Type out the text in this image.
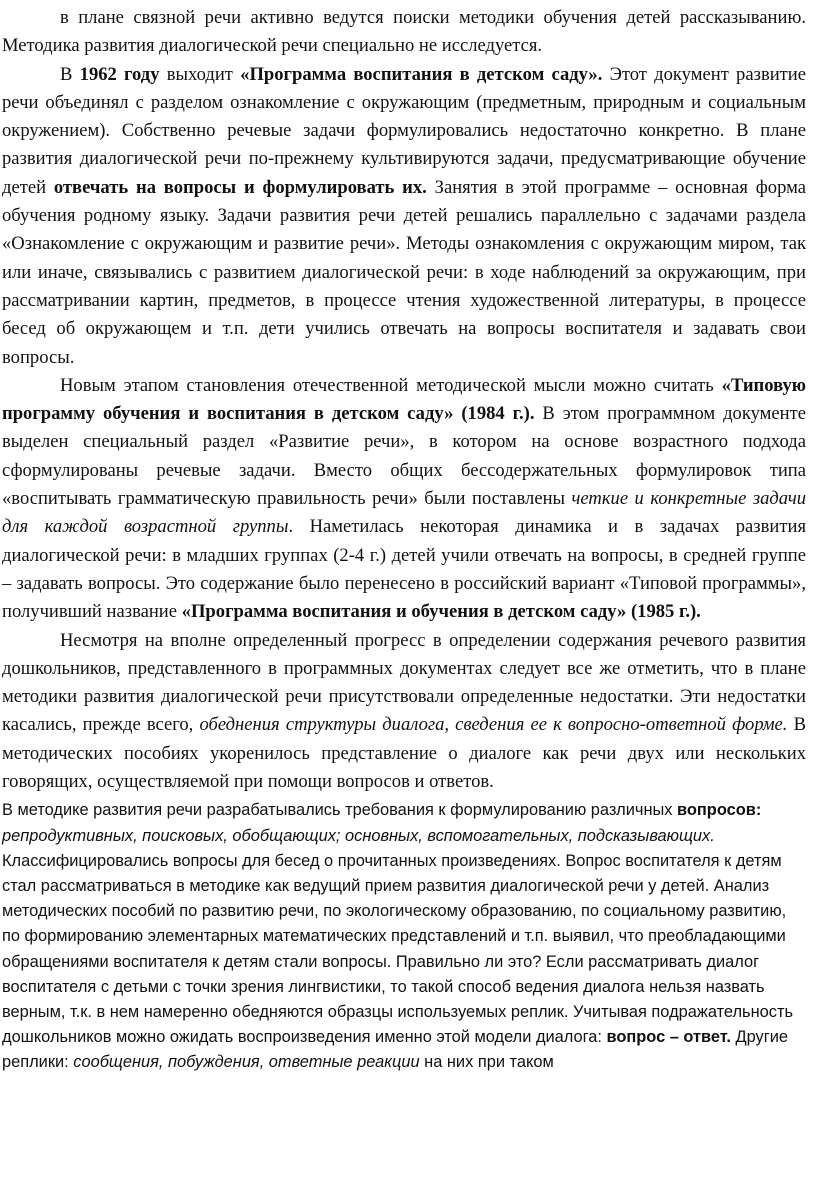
в плане связной речи активно ведутся поиски методики обучения детей рассказыванию. Методика развития диалогической речи специально не исследуется.

В 1962 году выходит «Программа воспитания в детском саду». Этот документ развитие речи объединял с разделом ознакомление с окружающим (предметным, природным и социальным окружением). Собственно речевые задачи формулировались недостаточно конкретно. В плане развития диалогической речи по-прежнему культивируются задачи, предусматривающие обучение детей отвечать на вопросы и формулировать их. Занятия в этой программе – основная форма обучения родному языку. Задачи развития речи детей решались параллельно с задачами раздела «Ознакомление с окружающим и развитие речи». Методы ознакомления с окружающим миром, так или иначе, связывались с развитием диалогической речи: в ходе наблюдений за окружающим, при рассматривании картин, предметов, в процессе чтения художественной литературы, в процессе бесед об окружающем и т.п. дети учились отвечать на вопросы воспитателя и задавать свои вопросы.

Новым этапом становления отечественной методической мысли можно считать «Типовую программу обучения и воспитания в детском саду» (1984 г.). В этом программном документе выделен специальный раздел «Развитие речи», в котором на основе возрастного подхода сформулированы речевые задачи. Вместо общих бессодержательных формулировок типа «воспитывать грамматическую правильность речи» были поставлены четкие и конкретные задачи для каждой возрастной группы. Наметилась некоторая динамика и в задачах развития диалогической речи: в младших группах (2-4 г.) детей учили отвечать на вопросы, в средней группе – задавать вопросы. Это содержание было перенесено в российский вариант «Типовой программы», получивший название «Программа воспитания и обучения в детском саду» (1985 г.).

Несмотря на вполне определенный прогресс в определении содержания речевого развития дошкольников, представленного в программных документах следует все же отметить, что в плане методики развития диалогической речи присутствовали определенные недостатки. Эти недостатки касались, прежде всего, обеднения структуры диалога, сведения ее к вопросно-ответной форме. В методических пособиях укоренилось представление о диалоге как речи двух или нескольких говорящих, осуществляемой при помощи вопросов и ответов.

В методике развития речи разрабатывались требования к формулированию различных вопросов: репродуктивных, поисковых, обобщающих; основных, вспомогательных, подсказывающих. Классифицировались вопросы для бесед о прочитанных произведениях. Вопрос воспитателя к детям стал рассматриваться в методике как ведущий прием развития диалогической речи у детей. Анализ методических пособий по развитию речи, по экологическому образованию, по социальному развитию, по формированию элементарных математических представлений и т.п. выявил, что преобладающими обращениями воспитателя к детям стали вопросы. Правильно ли это? Если рассматривать диалог воспитателя с детьми с точки зрения лингвистики, то такой способ ведения диалога нельзя назвать верным, т.к. в нем намеренно обедняются образцы используемых реплик. Учитывая подражательность дошкольников можно ожидать воспроизведения именно этой модели диалога: вопрос – ответ. Другие реплики: сообщения, побуждения, ответные реакции на них при таком
